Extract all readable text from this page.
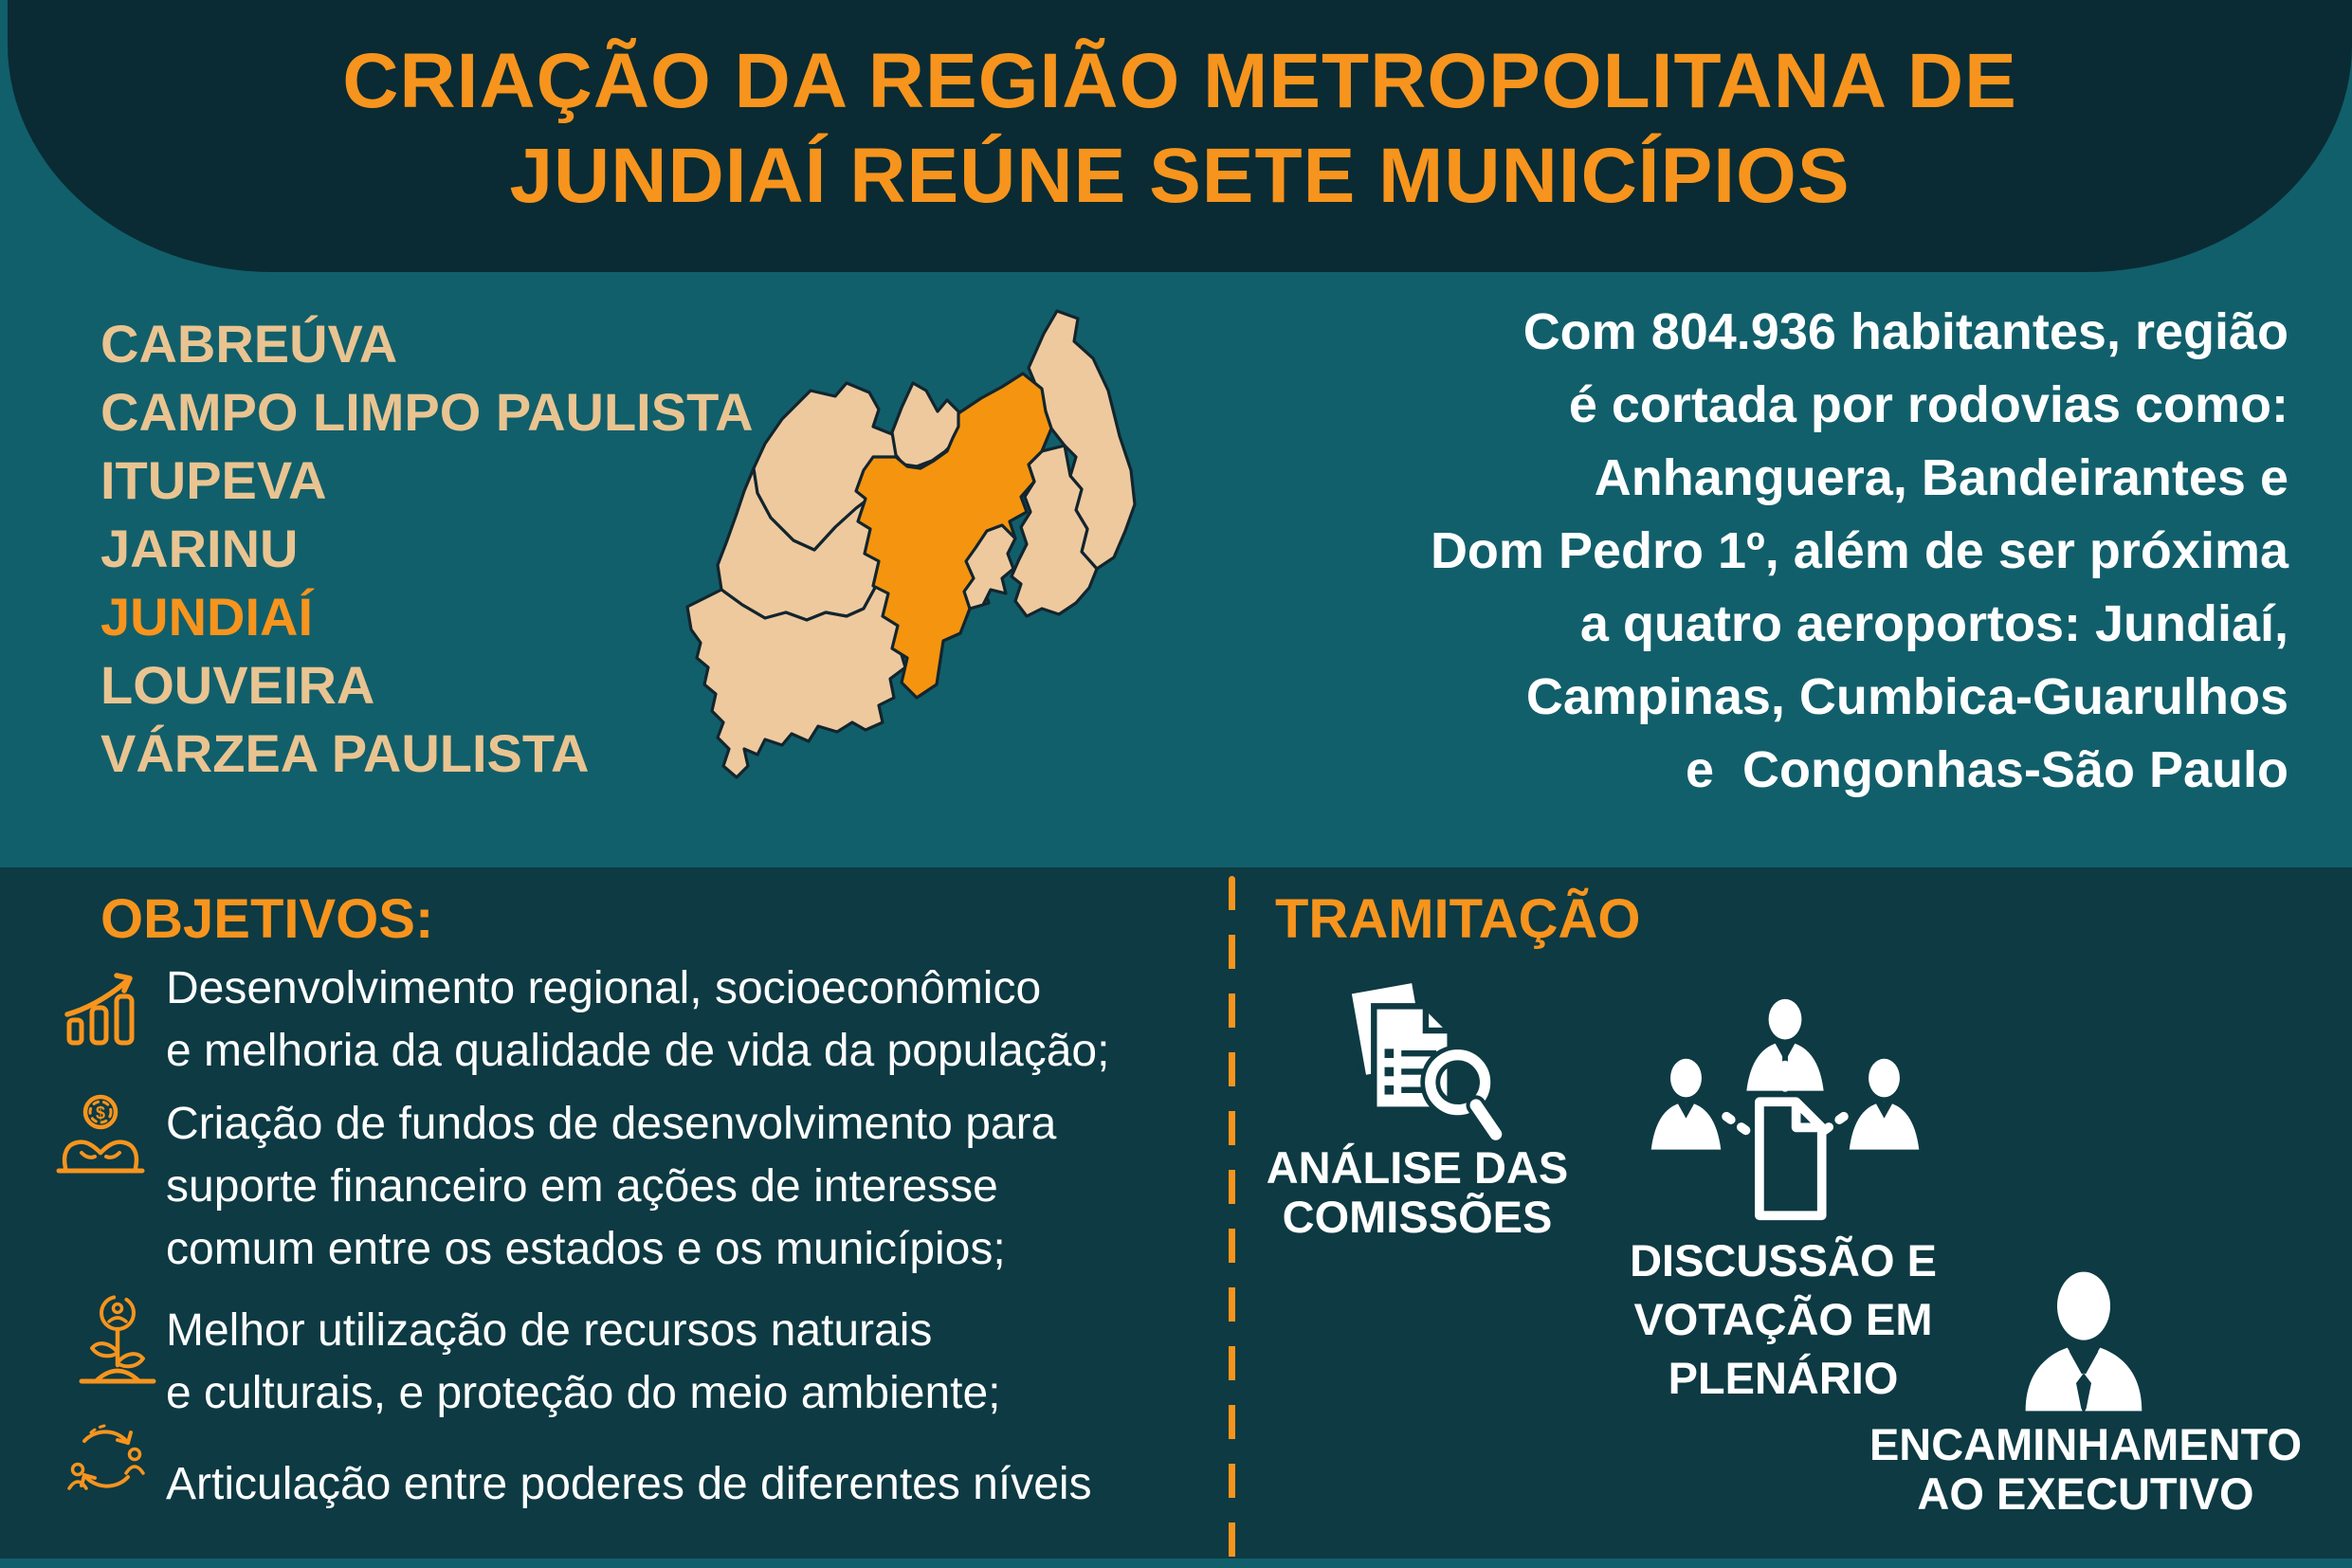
CRIAÇÃO DA REGIÃO METROPOLITANA DE
JUNDIAÍ REÚNE SETE MUNICÍPIOS
CABREÚVA
CAMPO LIMPO PAULISTA
ITUPEVA
JARINU
JUNDIAÍ
LOUVEIRA
VÁRZEA PAULISTA
Com 804.936 habitantes, região
é cortada por rodovias como:
Anhanguera, Bandeirantes e
Dom Pedro 1º, além de ser próxima
a quatro aeroportos: Jundiaí,
Campinas, Cumbica-Guarulhos
e  Congonhas-São Paulo
OBJETIVOS:
$
Desenvolvimento regional, socioeconômico
e melhoria da qualidade de vida da população;
Criação de fundos de desenvolvimento para
suporte financeiro em ações de interesse
comum entre os estados e os municípios;
Melhor utilização de recursos naturais
e culturais, e proteção do meio ambiente;
Articulação entre poderes de diferentes níveis
TRAMITAÇÃO
ANÁLISE DAS
COMISSÕES
DISCUSSÃO E
VOTAÇÃO EM
PLENÁRIO
ENCAMINHAMENTO
AO EXECUTIVO
